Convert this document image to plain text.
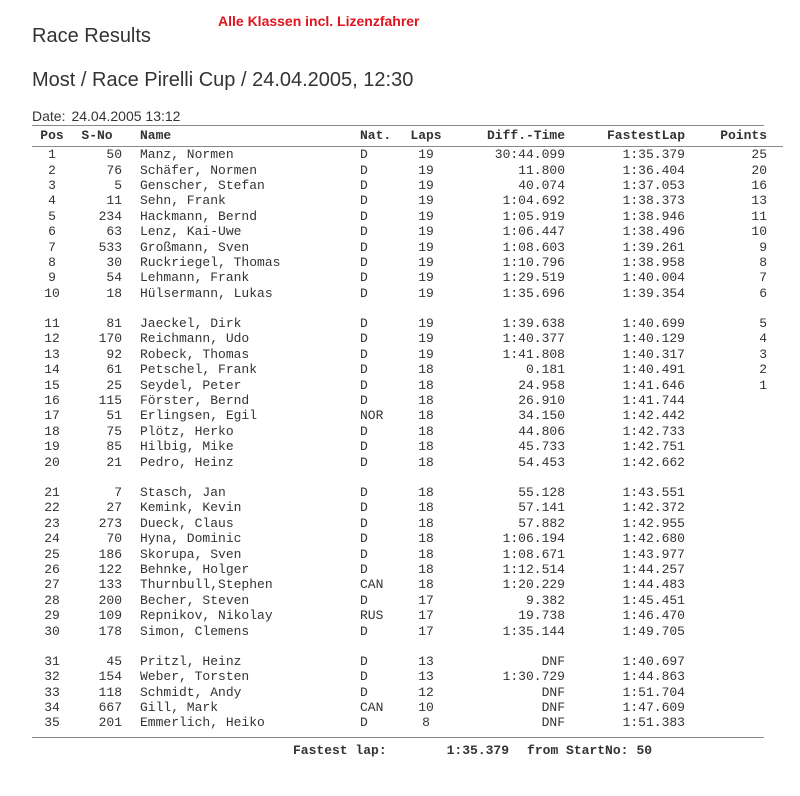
Alle Klassen incl. Lizenzfahrer
Race Results
Most / Race Pirelli Cup / 24.04.2005, 12:30
Date: 24.04.2005 13:12
Pos	S-No	Name	Nat.	Laps	Diff.-Time	FastestLap	Points
1	50	Manz, Normen	D	19	30:44.099	1:35.379	25
2	76	Schäfer, Normen	D	19	11.800	1:36.404	20
3	5	Genscher, Stefan	D	19	40.074	1:37.053	16
4	11	Sehn, Frank	D	19	1:04.692	1:38.373	13
5	234	Hackmann, Bernd	D	19	1:05.919	1:38.946	11
6	63	Lenz, Kai-Uwe	D	19	1:06.447	1:38.496	10
7	533	Großmann, Sven	D	19	1:08.603	1:39.261	9
8	30	Ruckriegel, Thomas	D	19	1:10.796	1:38.958	8
9	54	Lehmann, Frank	D	19	1:29.519	1:40.004	7
10	18	Hülsermann, Lukas	D	19	1:35.696	1:39.354	6

11	81	Jaeckel, Dirk	D	19	1:39.638	1:40.699	5
12	170	Reichmann, Udo	D	19	1:40.377	1:40.129	4
13	92	Robeck, Thomas	D	19	1:41.808	1:40.317	3
14	61	Petschel, Frank	D	18	0.181	1:40.491	2
15	25	Seydel, Peter	D	18	24.958	1:41.646	1
16	115	Förster, Bernd	D	18	26.910	1:41.744	
17	51	Erlingsen, Egil	NOR	18	34.150	1:42.442	
18	75	Plötz, Herko	D	18	44.806	1:42.733	
19	85	Hilbig, Mike	D	18	45.733	1:42.751	
20	21	Pedro, Heinz	D	18	54.453	1:42.662	

21	7	Stasch, Jan	D	18	55.128	1:43.551	
22	27	Kemink, Kevin	D	18	57.141	1:42.372	
23	273	Dueck, Claus	D	18	57.882	1:42.955	
24	70	Hyna, Dominic	D	18	1:06.194	1:42.680	
25	186	Skorupa, Sven	D	18	1:08.671	1:43.977	
26	122	Behnke, Holger	D	18	1:12.514	1:44.257	
27	133	Thurnbull,Stephen	CAN	18	1:20.229	1:44.483	
28	200	Becher, Steven	D	17	9.382	1:45.451	
29	109	Repnikov, Nikolay	RUS	17	19.738	1:46.470	
30	178	Simon, Clemens	D	17	1:35.144	1:49.705	

31	45	Pritzl, Heinz	D	13	DNF	1:40.697	
32	154	Weber, Torsten	D	13	1:30.729	1:44.863	
33	118	Schmidt, Andy	D	12	DNF	1:51.704	
34	667	Gill, Mark	CAN	10	DNF	1:47.609	
35	201	Emmerlich, Heiko	D	8	DNF	1:51.383	
Fastest lap:	1:35.379 from StartNo: 50
